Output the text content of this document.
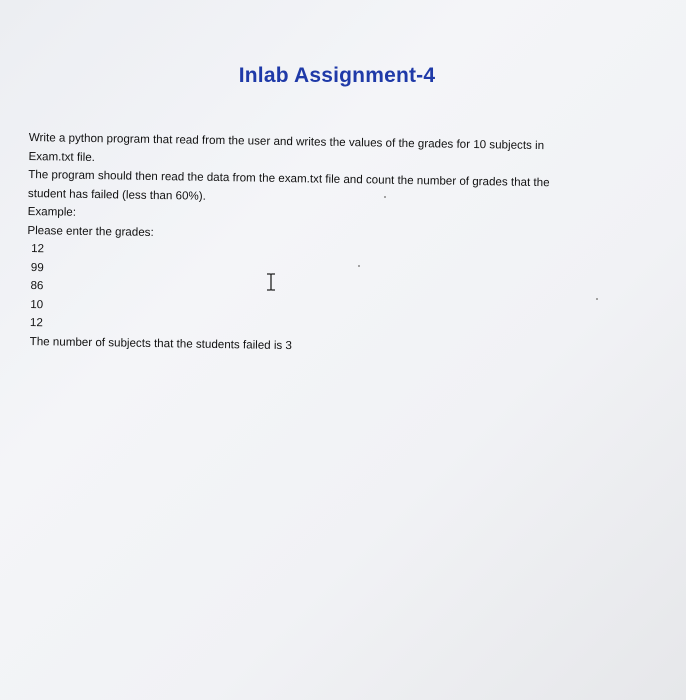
Inlab Assignment-4
Write a python program that read from the user and writes the values of the grades for 10 subjects in
Exam.txt file.
The program should then read the data from the exam.txt file and count the number of grades that the
student has failed (less than 60%).
Example:
Please enter the grades:
12
99
86
10
12
The number of subjects that the students failed is 3
